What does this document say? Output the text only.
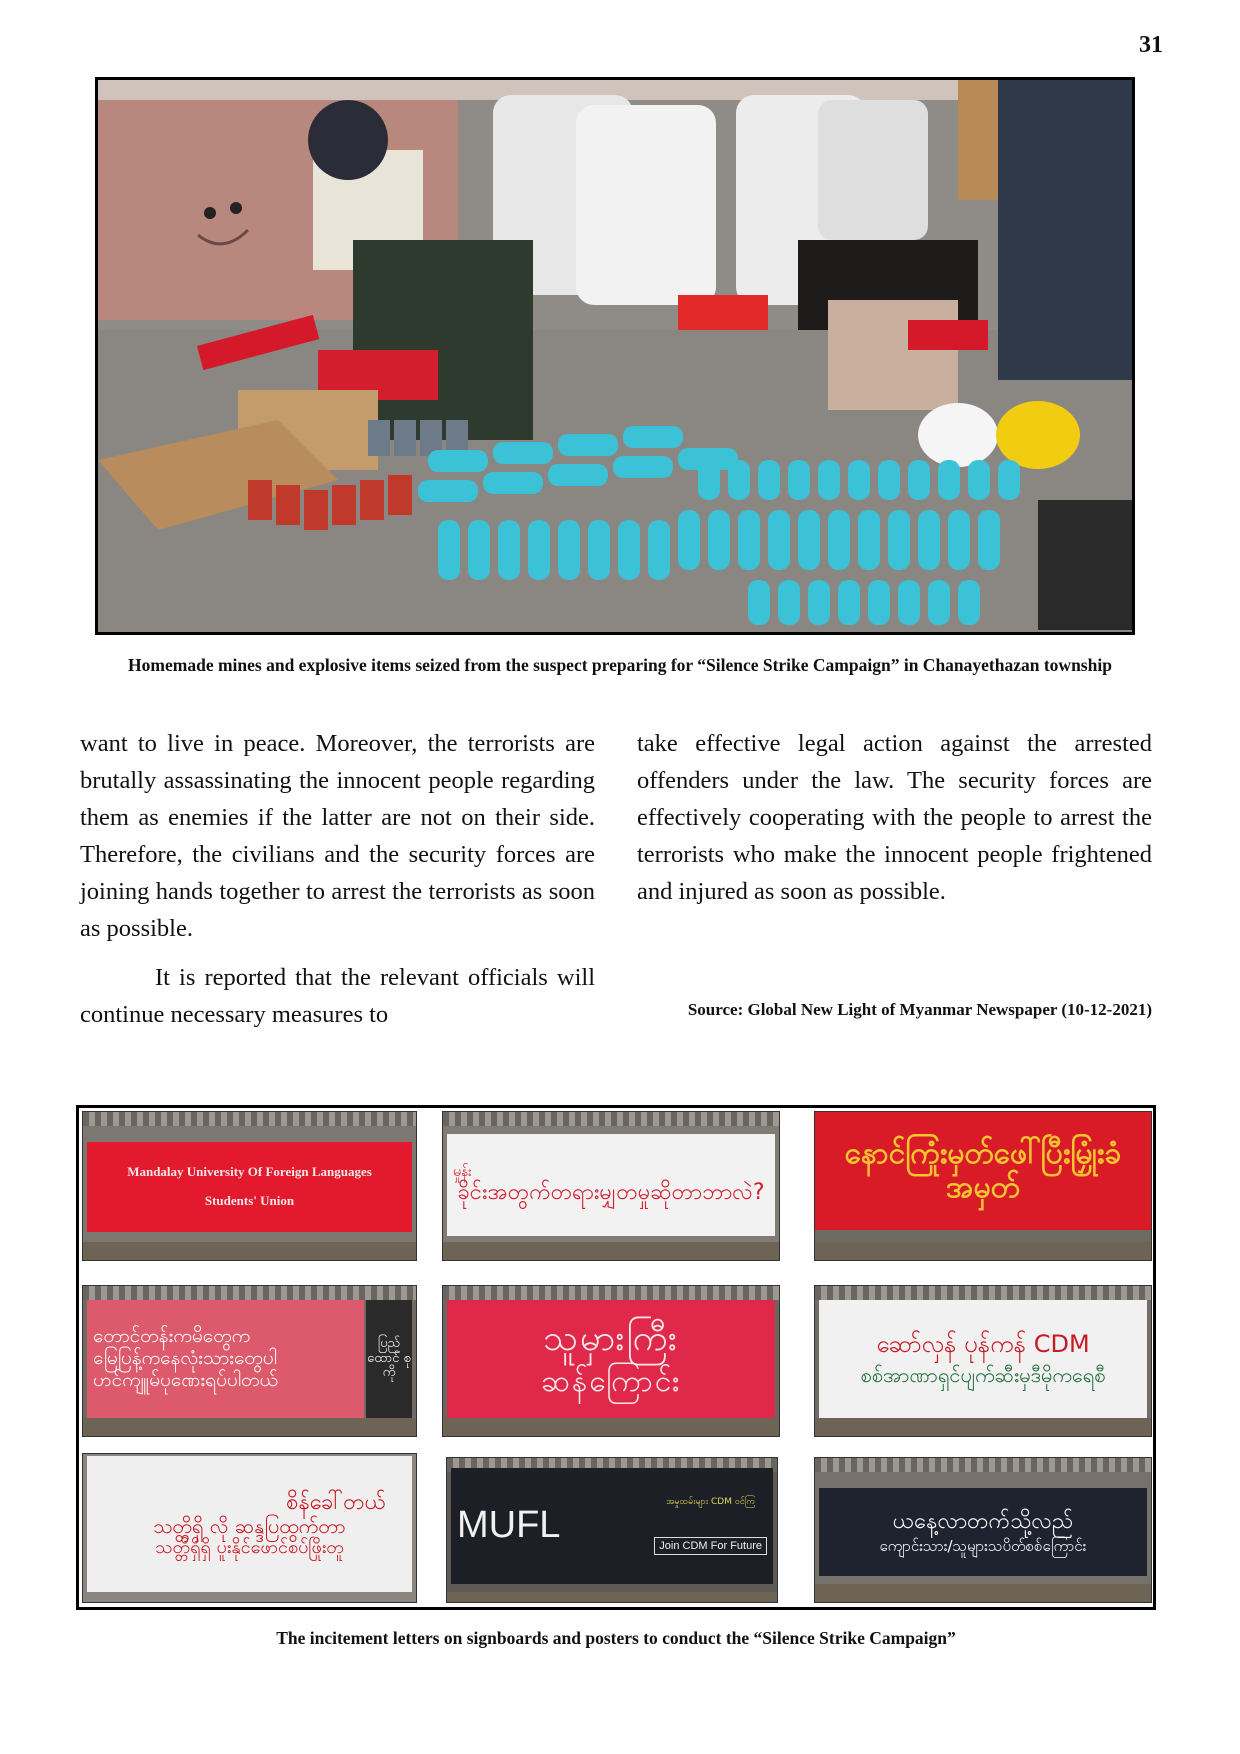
31
Homemade mines and explosive items seized from the suspect preparing for “Silence Strike Campaign” in Chanayethazan township

want to live in peace. Moreover, the terrorists are brutally assassinating the innocent people regarding them as enemies if the latter are not on their side. Therefore, the civilians and the security forces are joining hands together to arrest the terrorists as soon as possible.

It is reported that the relevant officials will continue necessary measures to

take effective legal action against the arrested offenders under the law. The security forces are effectively cooperating with the people to arrest the terrorists who make the innocent people frightened and injured as soon as possible.

Source: Global New Light of Myanmar Newspaper (10-12-2021)
Mandalay University Of Foreign Languages
Students' Union
မှုန်း
ခိုင်းအတွက်တရားမျှတမှုဆိုတာဘာလဲ?
နောင်ကြုံးမှတ်ဖေါ်ပြီးမြှုံးခံအမှတ်
တောင်တန်းကမိတွေက
မြေပြန့်ကနေလုံးသားတွေပါ
ဟင်ကျူမ်ပုဏေးရပ်ပါတယ်
ပြည် ထောင် စုကို
သူမှားကြီး
ဆန်ကြောင်း
ဆော်လှန် ပုန်ကန် CDM
စစ်အာဏာရှင်ပျက်ဆီးမှဒီမိုကရေစီ
စိန်ခေါ်တယ်
သတ္တိရှိ လို ဆန္ဒပြထွက်တာ
သတ္တိရှိရှိ ပူးနိုင်ဖောင်စပ်ဖြိုးတူ
MUFL
အမှုထမ်းများ CDM ဝင်ကြ
Join CDM For Future
ယနေ့လာတက်သို့လည်
ကျောင်းသား/သူများသပိတ်စစ်ကြောင်း
The incitement letters on signboards and posters to conduct the “Silence Strike Campaign”
